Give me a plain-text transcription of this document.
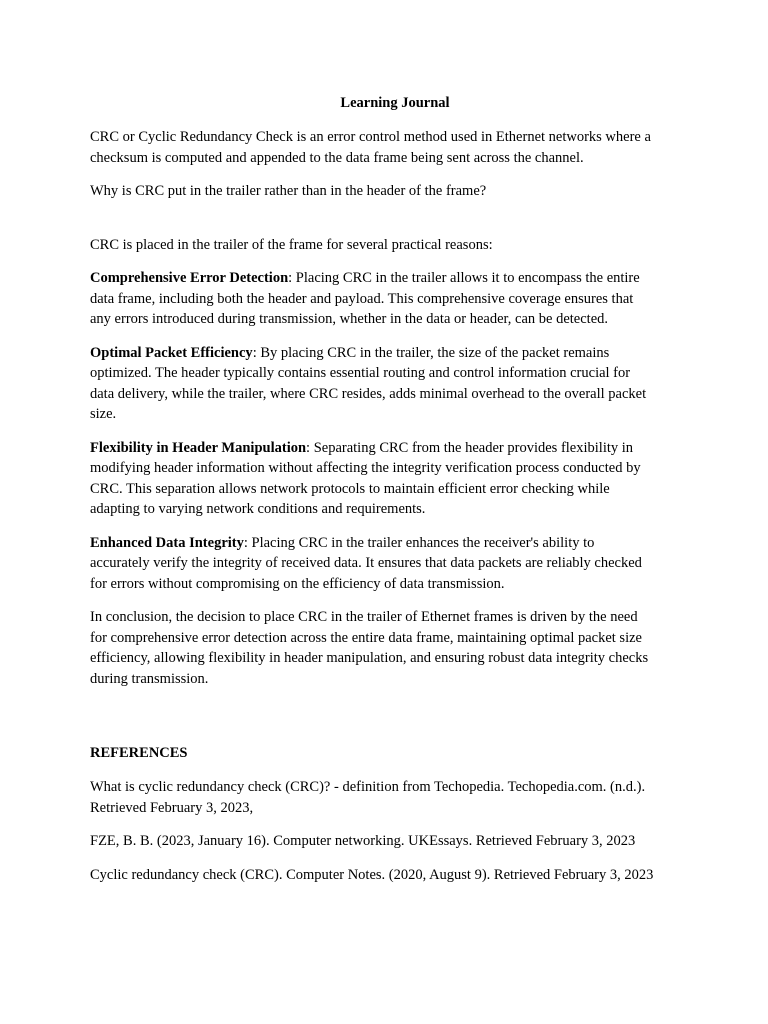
Learning Journal

CRC or Cyclic Redundancy Check is an error control method used in Ethernet networks where a
checksum is computed and appended to the data frame being sent across the channel.

Why is CRC put in the trailer rather than in the header of the frame?

CRC is placed in the trailer of the frame for several practical reasons:

Comprehensive Error Detection: Placing CRC in the trailer allows it to encompass the entire
data frame, including both the header and payload. This comprehensive coverage ensures that
any errors introduced during transmission, whether in the data or header, can be detected.

Optimal Packet Efficiency: By placing CRC in the trailer, the size of the packet remains
optimized. The header typically contains essential routing and control information crucial for
data delivery, while the trailer, where CRC resides, adds minimal overhead to the overall packet
size.

Flexibility in Header Manipulation: Separating CRC from the header provides flexibility in
modifying header information without affecting the integrity verification process conducted by
CRC. This separation allows network protocols to maintain efficient error checking while
adapting to varying network conditions and requirements.

Enhanced Data Integrity: Placing CRC in the trailer enhances the receiver's ability to
accurately verify the integrity of received data. It ensures that data packets are reliably checked
for errors without compromising on the efficiency of data transmission.

In conclusion, the decision to place CRC in the trailer of Ethernet frames is driven by the need
for comprehensive error detection across the entire data frame, maintaining optimal packet size
efficiency, allowing flexibility in header manipulation, and ensuring robust data integrity checks
during transmission.

REFERENCES

What is cyclic redundancy check (CRC)? - definition from Techopedia. Techopedia.com. (n.d.).
Retrieved February 3, 2023,

FZE, B. B. (2023, January 16). Computer networking. UKEssays. Retrieved February 3, 2023

Cyclic redundancy check (CRC). Computer Notes. (2020, August 9). Retrieved February 3, 2023
